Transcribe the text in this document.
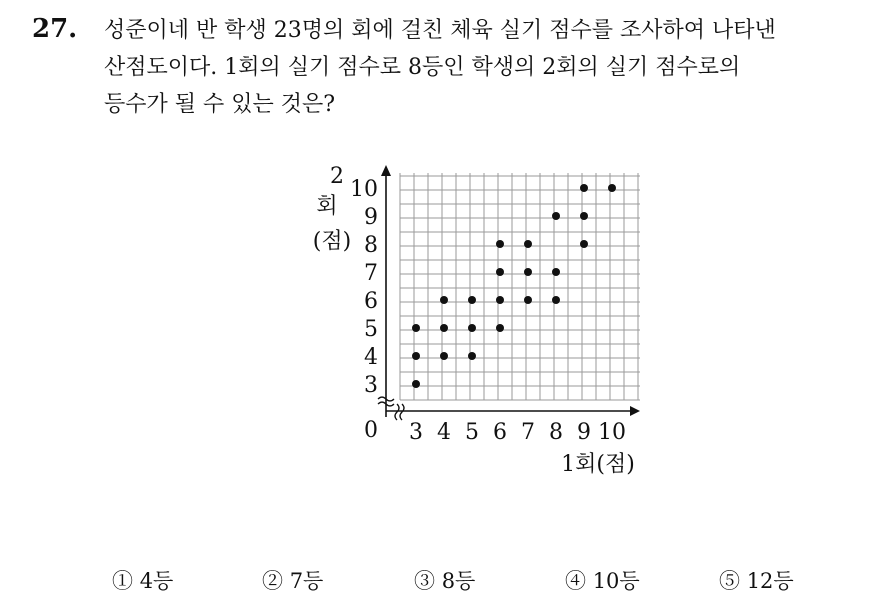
27. 성준이네 반 학생 23명의 회에 걸친 체육 실기 점수를 조사하여 나타낸
산점도이다. 1회의 실기 점수로 8등인 학생의 2회의 실기 점수로의
등수가 될 수 있는 것은?
3 4 5 6 7 8 9 10
3
4
5
6
7
8
9
10
0
1회(점)
2
회
(점)
① 4등	② 7등	③ 8등	④ 10등	⑤ 12등
